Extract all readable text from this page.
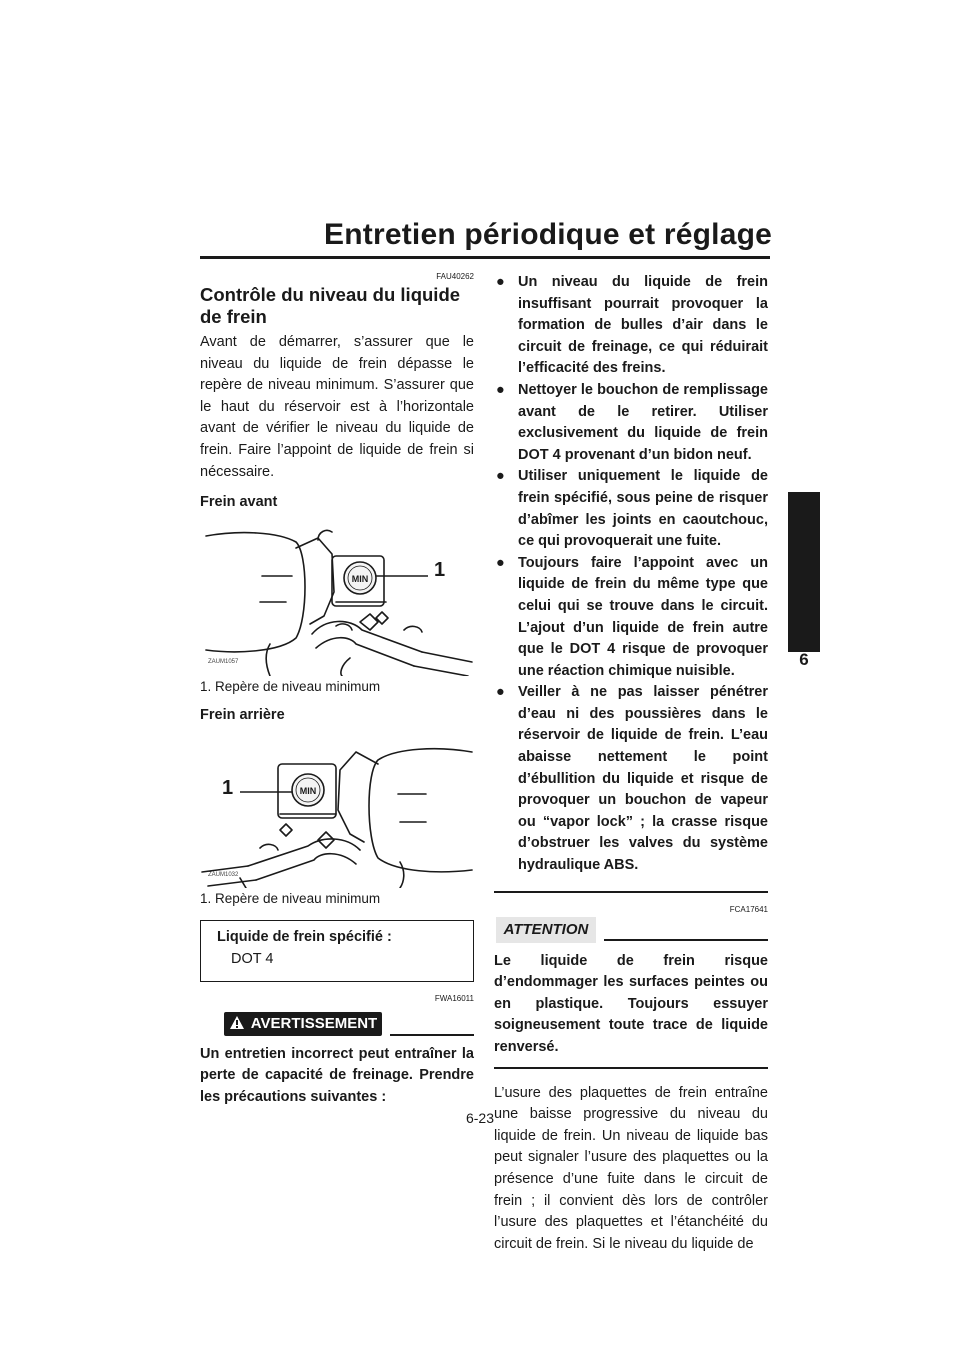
Entretien périodique et réglage
6
FAU40262
Contrôle du niveau du liquide de frein

Avant de démarrer, s’assurer que le niveau du liquide de frein dépasse le repère de niveau minimum. S’assurer que le haut du réservoir est à l’horizontale avant de vérifier le niveau du liquide de frein. Faire l’appoint de liquide de frein si nécessaire.

Frein avant

MIN	1
ZAUM1057

1. Repère de niveau minimum

Frein arrière

MIN
1
ZAUM1032

1. Repère de niveau minimum

Liquide de frein spécifié :
DOT 4
FWA16011
AVERTISSEMENT

Un entretien incorrect peut entraîner la perte de capacité de freinage. Prendre les précautions suivantes :

● Un niveau du liquide de frein insuffisant pourrait provoquer la formation de bulles d’air dans le circuit de freinage, ce qui réduirait l’efficacité des freins.
● Nettoyer le bouchon de remplissage avant de le retirer. Utiliser exclusivement du liquide de frein DOT 4 provenant d’un bidon neuf.
● Utiliser uniquement le liquide de frein spécifié, sous peine de risquer d’abîmer les joints en caoutchouc, ce qui provoquerait une fuite.
● Toujours faire l’appoint avec un liquide de frein du même type que celui qui se trouve dans le circuit. L’ajout d’un liquide de frein autre que le DOT 4 risque de provoquer une réaction chimique nuisible.
● Veiller à ne pas laisser pénétrer d’eau ni des poussières dans le réservoir de liquide de frein. L’eau abaisse nettement le point d’ébullition du liquide et risque de provoquer un bouchon de vapeur ou “vapor lock” ; la crasse risque d’obstruer les valves du système hydraulique ABS.
FCA17641
ATTENTION

Le liquide de frein risque d’endommager les surfaces peintes ou en plastique. Toujours essuyer soigneusement toute trace de liquide renversé.

L’usure des plaquettes de frein entraîne une baisse progressive du niveau du liquide de frein. Un niveau de liquide bas peut signaler l’usure des plaquettes ou la présence d’une fuite dans le circuit de frein ; il convient dès lors de contrôler l’usure des plaquettes et l’étanchéité du circuit de frein. Si le niveau du liquide de

6-23
